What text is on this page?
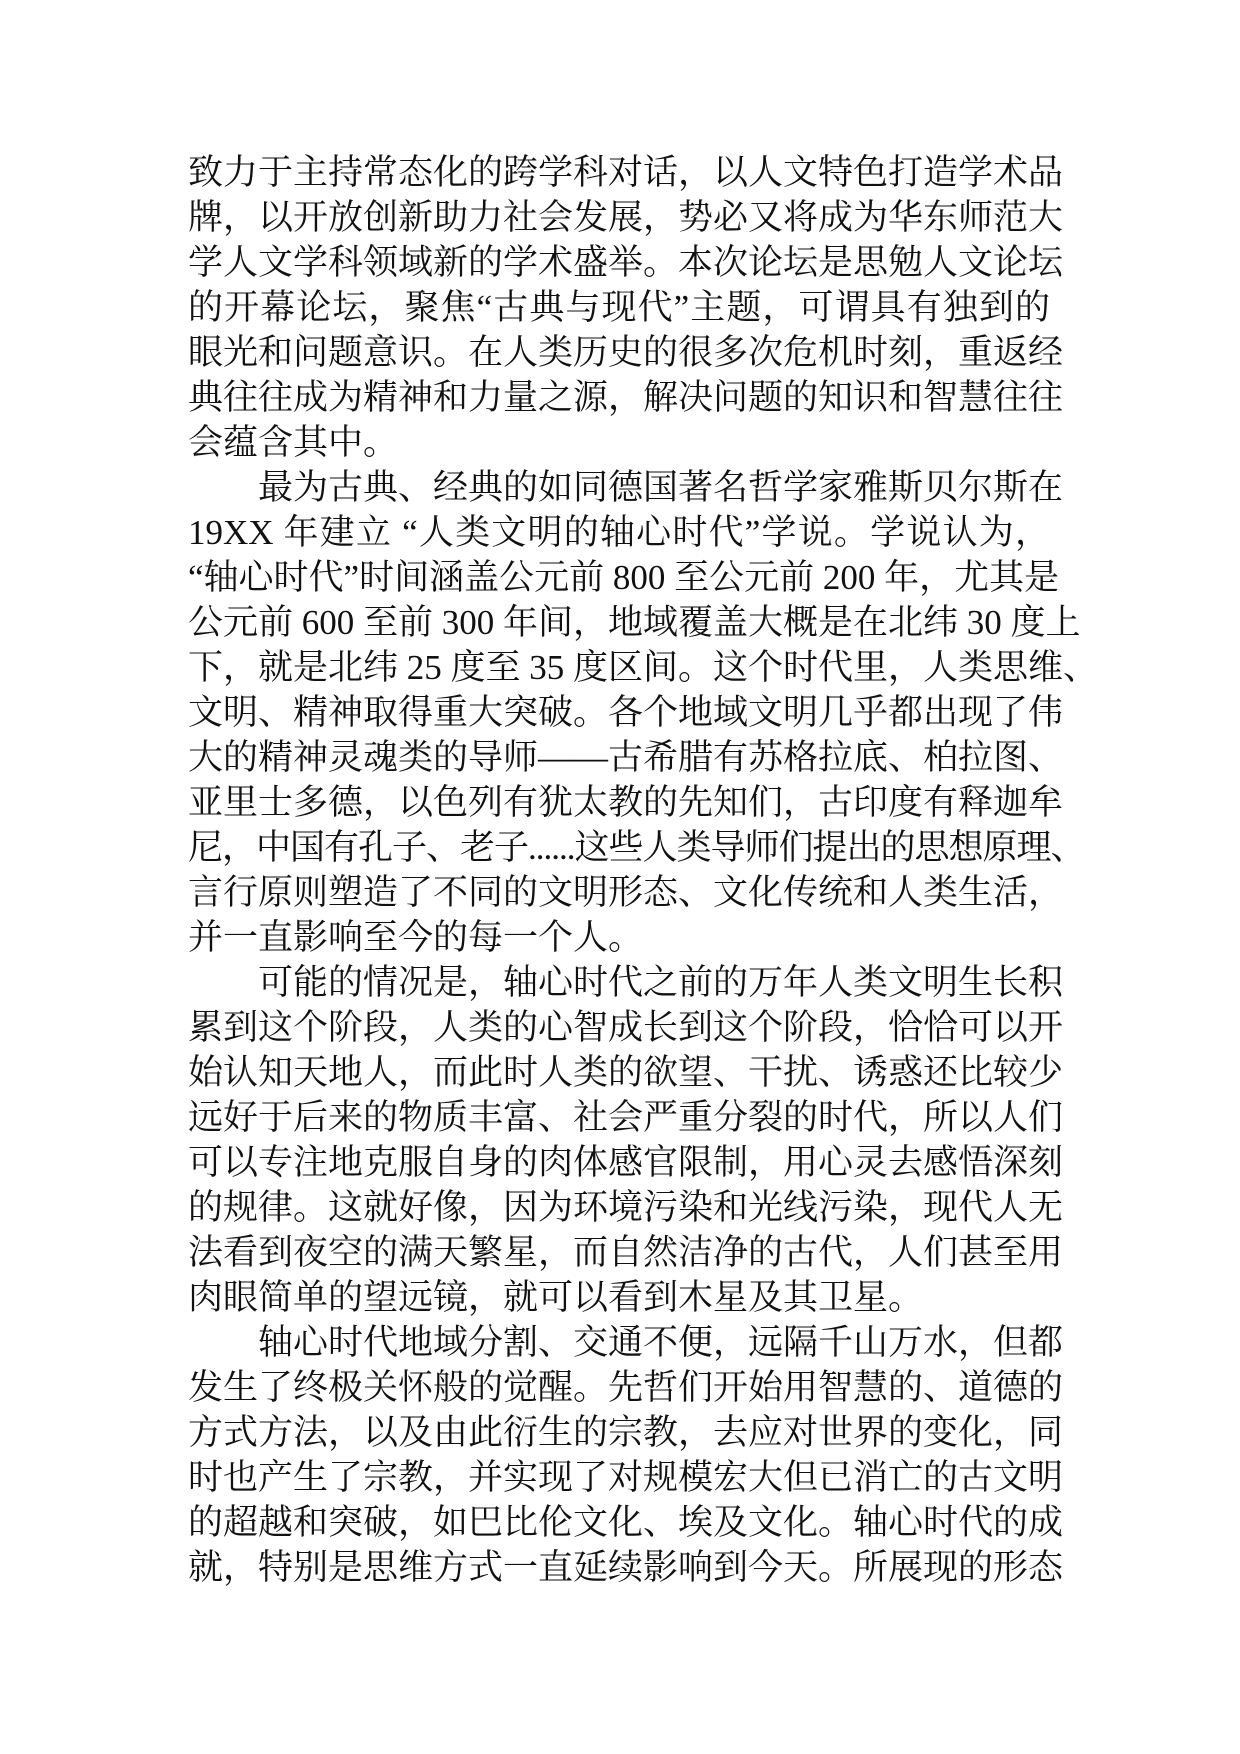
致力于主持常态化的跨学科对话，以人文特色打造学术品
牌，以开放创新助力社会发展，势必又将成为华东师范大
学人文学科领域新的学术盛举。本次论坛是思勉人文论坛
的开幕论坛，聚焦“古典与现代”主题，可谓具有独到的
眼光和问题意识。在人类历史的很多次危机时刻，重返经
典往往成为精神和力量之源，解决问题的知识和智慧往往
会蕴含其中。
最为古典、经典的如同德国著名哲学家雅斯贝尔斯在
19XX 年建立 “人类文明的轴心时代”学说。学说认为，
“轴心时代”时间涵盖公元前 800 至公元前 200 年，尤其是
公元前 600 至前 300 年间，地域覆盖大概是在北纬 30 度上
下，就是北纬 25 度至 35 度区间。这个时代里，人类思维、
文明、精神取得重大突破。各个地域文明几乎都出现了伟
大的精神灵魂类的导师——古希腊有苏格拉底、柏拉图、
亚里士多德，以色列有犹太教的先知们，古印度有释迦牟
尼，中国有孔子、老子......这些人类导师们提出的思想原理、
言行原则塑造了不同的文明形态、文化传统和人类生活，
并一直影响至今的每一个人。
可能的情况是，轴心时代之前的万年人类文明生长积
累到这个阶段，人类的心智成长到这个阶段，恰恰可以开
始认知天地人，而此时人类的欲望、干扰、诱惑还比较少
远好于后来的物质丰富、社会严重分裂的时代，所以人们
可以专注地克服自身的肉体感官限制，用心灵去感悟深刻
的规律。这就好像，因为环境污染和光线污染，现代人无
法看到夜空的满天繁星，而自然洁净的古代，人们甚至用
肉眼简单的望远镜，就可以看到木星及其卫星。
轴心时代地域分割、交通不便，远隔千山万水，但都
发生了终极关怀般的觉醒。先哲们开始用智慧的、道德的
方式方法，以及由此衍生的宗教，去应对世界的变化，同
时也产生了宗教，并实现了对规模宏大但已消亡的古文明
的超越和突破，如巴比伦文化、埃及文化。轴心时代的成
就，特别是思维方式一直延续影响到今天。所展现的形态
